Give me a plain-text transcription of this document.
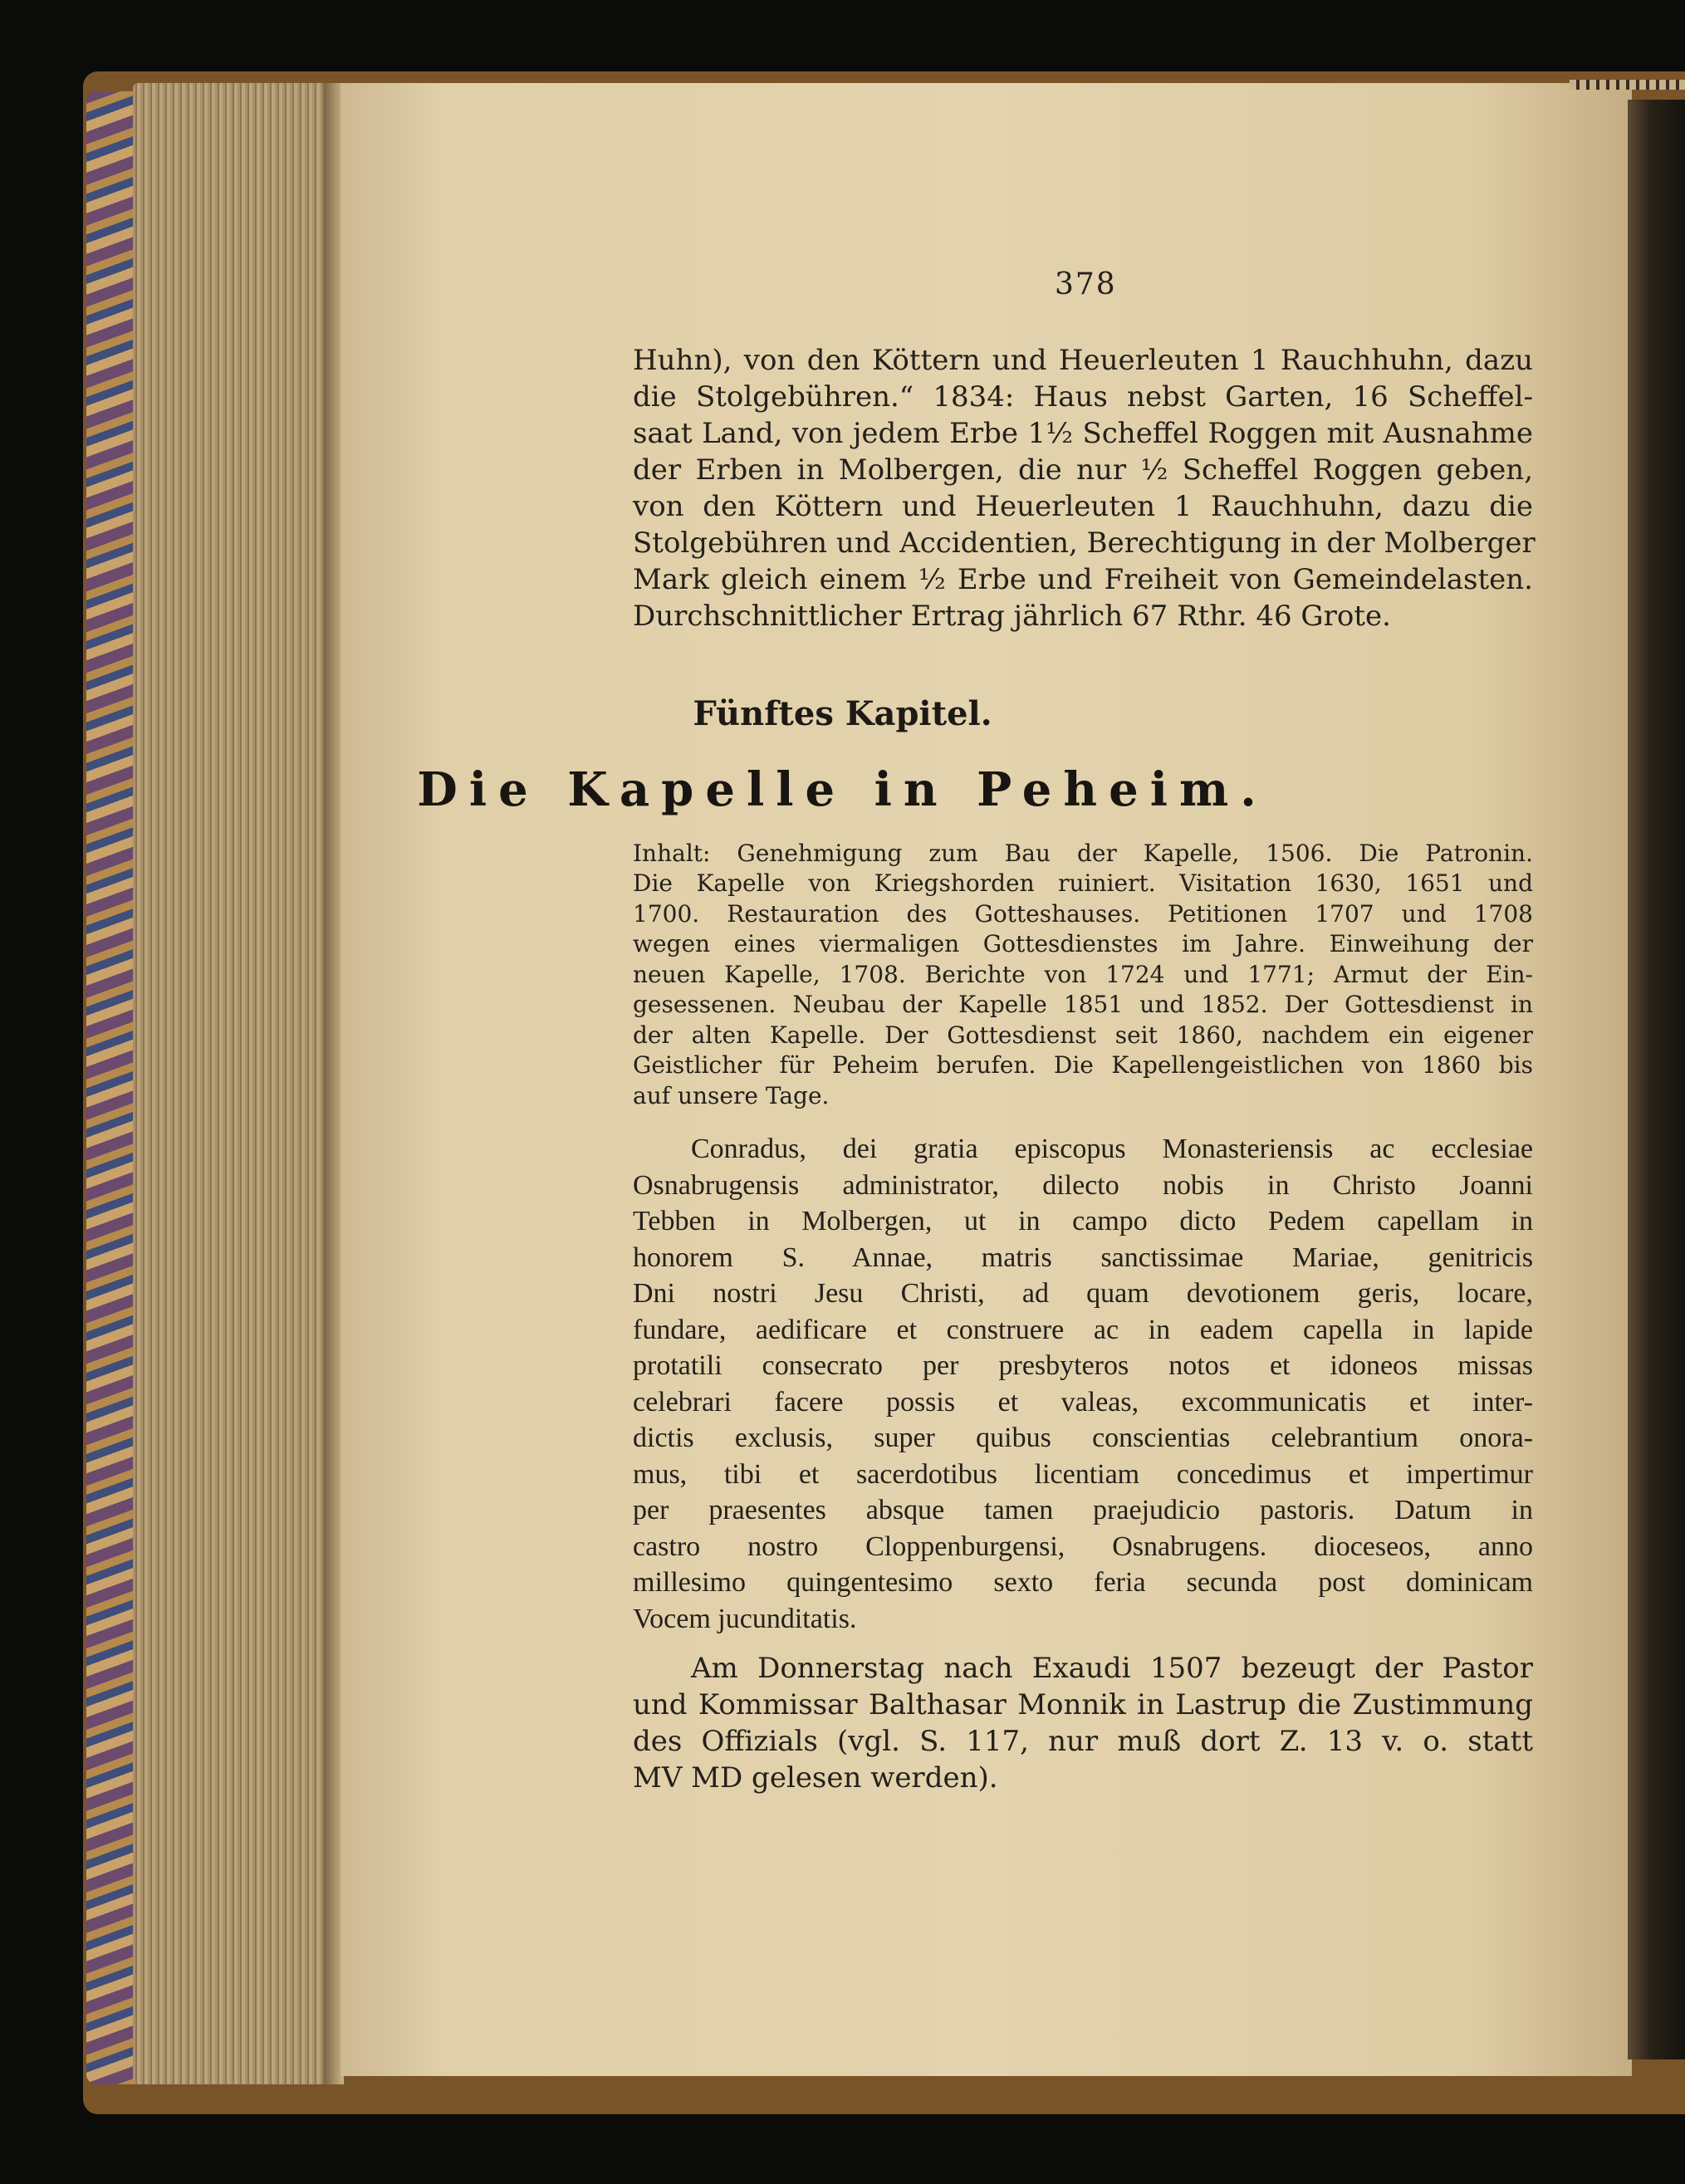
378
Huhn), von den Köttern und Heuerleuten 1 Rauchhuhn, dazu
die Stolgebühren.“ 1834: Haus nebst Garten, 16 Scheffel-
saat Land, von jedem Erbe 1½ Scheffel Roggen mit Ausnahme
der Erben in Molbergen, die nur ½ Scheffel Roggen geben,
von den Köttern und Heuerleuten 1 Rauchhuhn, dazu die
Stolgebühren und Accidentien, Berechtigung in der Molberger
Mark gleich einem ½ Erbe und Freiheit von Gemeindelasten.
Durchschnittlicher Ertrag jährlich 67 Rthr. 46 Grote.
Fünftes Kapitel.
Die Kapelle in Peheim.
Inhalt: Genehmigung zum Bau der Kapelle, 1506. Die Patronin.
Die Kapelle von Kriegshorden ruiniert. Visitation 1630, 1651 und
1700. Restauration des Gotteshauses. Petitionen 1707 und 1708
wegen eines viermaligen Gottesdienstes im Jahre. Einweihung der
neuen Kapelle, 1708. Berichte von 1724 und 1771; Armut der Ein-
gesessenen. Neubau der Kapelle 1851 und 1852. Der Gottesdienst in
der alten Kapelle. Der Gottesdienst seit 1860, nachdem ein eigener
Geistlicher für Peheim berufen. Die Kapellengeistlichen von 1860 bis
auf unsere Tage.
Conradus, dei gratia episcopus Monasteriensis ac ecclesiae
Osnabrugensis administrator, dilecto nobis in Christo Joanni
Tebben in Molbergen, ut in campo dicto Pedem capellam in
honorem S. Annae, matris sanctissimae Mariae, genitricis
Dni nostri Jesu Christi, ad quam devotionem geris, locare,
fundare, aedificare et construere ac in eadem capella in lapide
protatili consecrato per presbyteros notos et idoneos missas
celebrari facere possis et valeas, excommunicatis et inter-
dictis exclusis, super quibus conscientias celebrantium onora-
mus, tibi et sacerdotibus licentiam concedimus et impertimur
per praesentes absque tamen praejudicio pastoris. Datum in
castro nostro Cloppenburgensi, Osnabrugens. dioceseos, anno
millesimo quingentesimo sexto feria secunda post dominicam
Vocem jucunditatis.
Am Donnerstag nach Exaudi 1507 bezeugt der Pastor
und Kommissar Balthasar Monnik in Lastrup die Zustimmung
des Offizials (vgl. S. 117, nur muß dort Z. 13 v. o. statt
MV MD gelesen werden).
